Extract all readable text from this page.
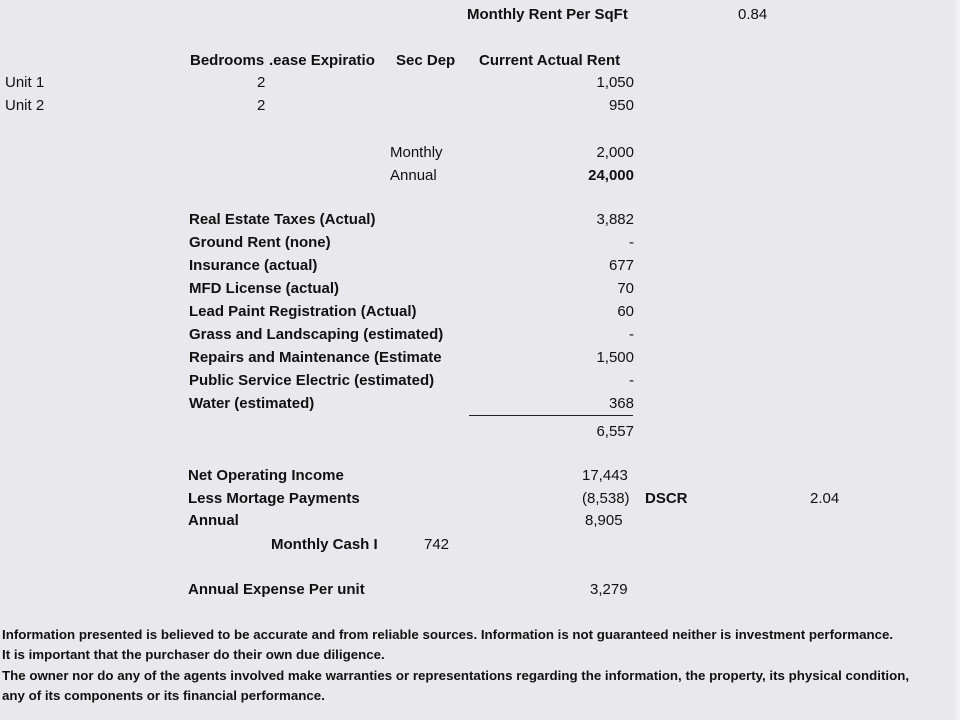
Monthly Rent Per SqFt	0.84
Bedrooms .ease Expiratio	Sec Dep Current Actual Rent
Unit 1	2	1,050
Unit 2	2	950
Monthly	2,000
Annual	24,000
Real Estate Taxes (Actual)	3,882
Ground Rent (none)	-
Insurance (actual)	677
MFD License (actual)	70
Lead Paint Registration (Actual)	60
Grass and Landscaping (estimated)	-
Repairs and Maintenance (Estimate	1,500
Public Service Electric (estimated)	-
Water (estimated)	368
6,557
Net Operating Income	17,443
Less Mortage Payments	(8,538) DSCR	2.04
Annual	8,905
Monthly Cash I	742
Annual Expense Per unit	3,279
Information presented is believed to be accurate and from reliable sources. Information is not guaranteed neither is investment performance.
It is important that the purchaser do their own due diligence.
The owner nor do any of the agents involved make warranties or representations regarding the information, the property, its physical condition,
any of its components or its financial performance.
